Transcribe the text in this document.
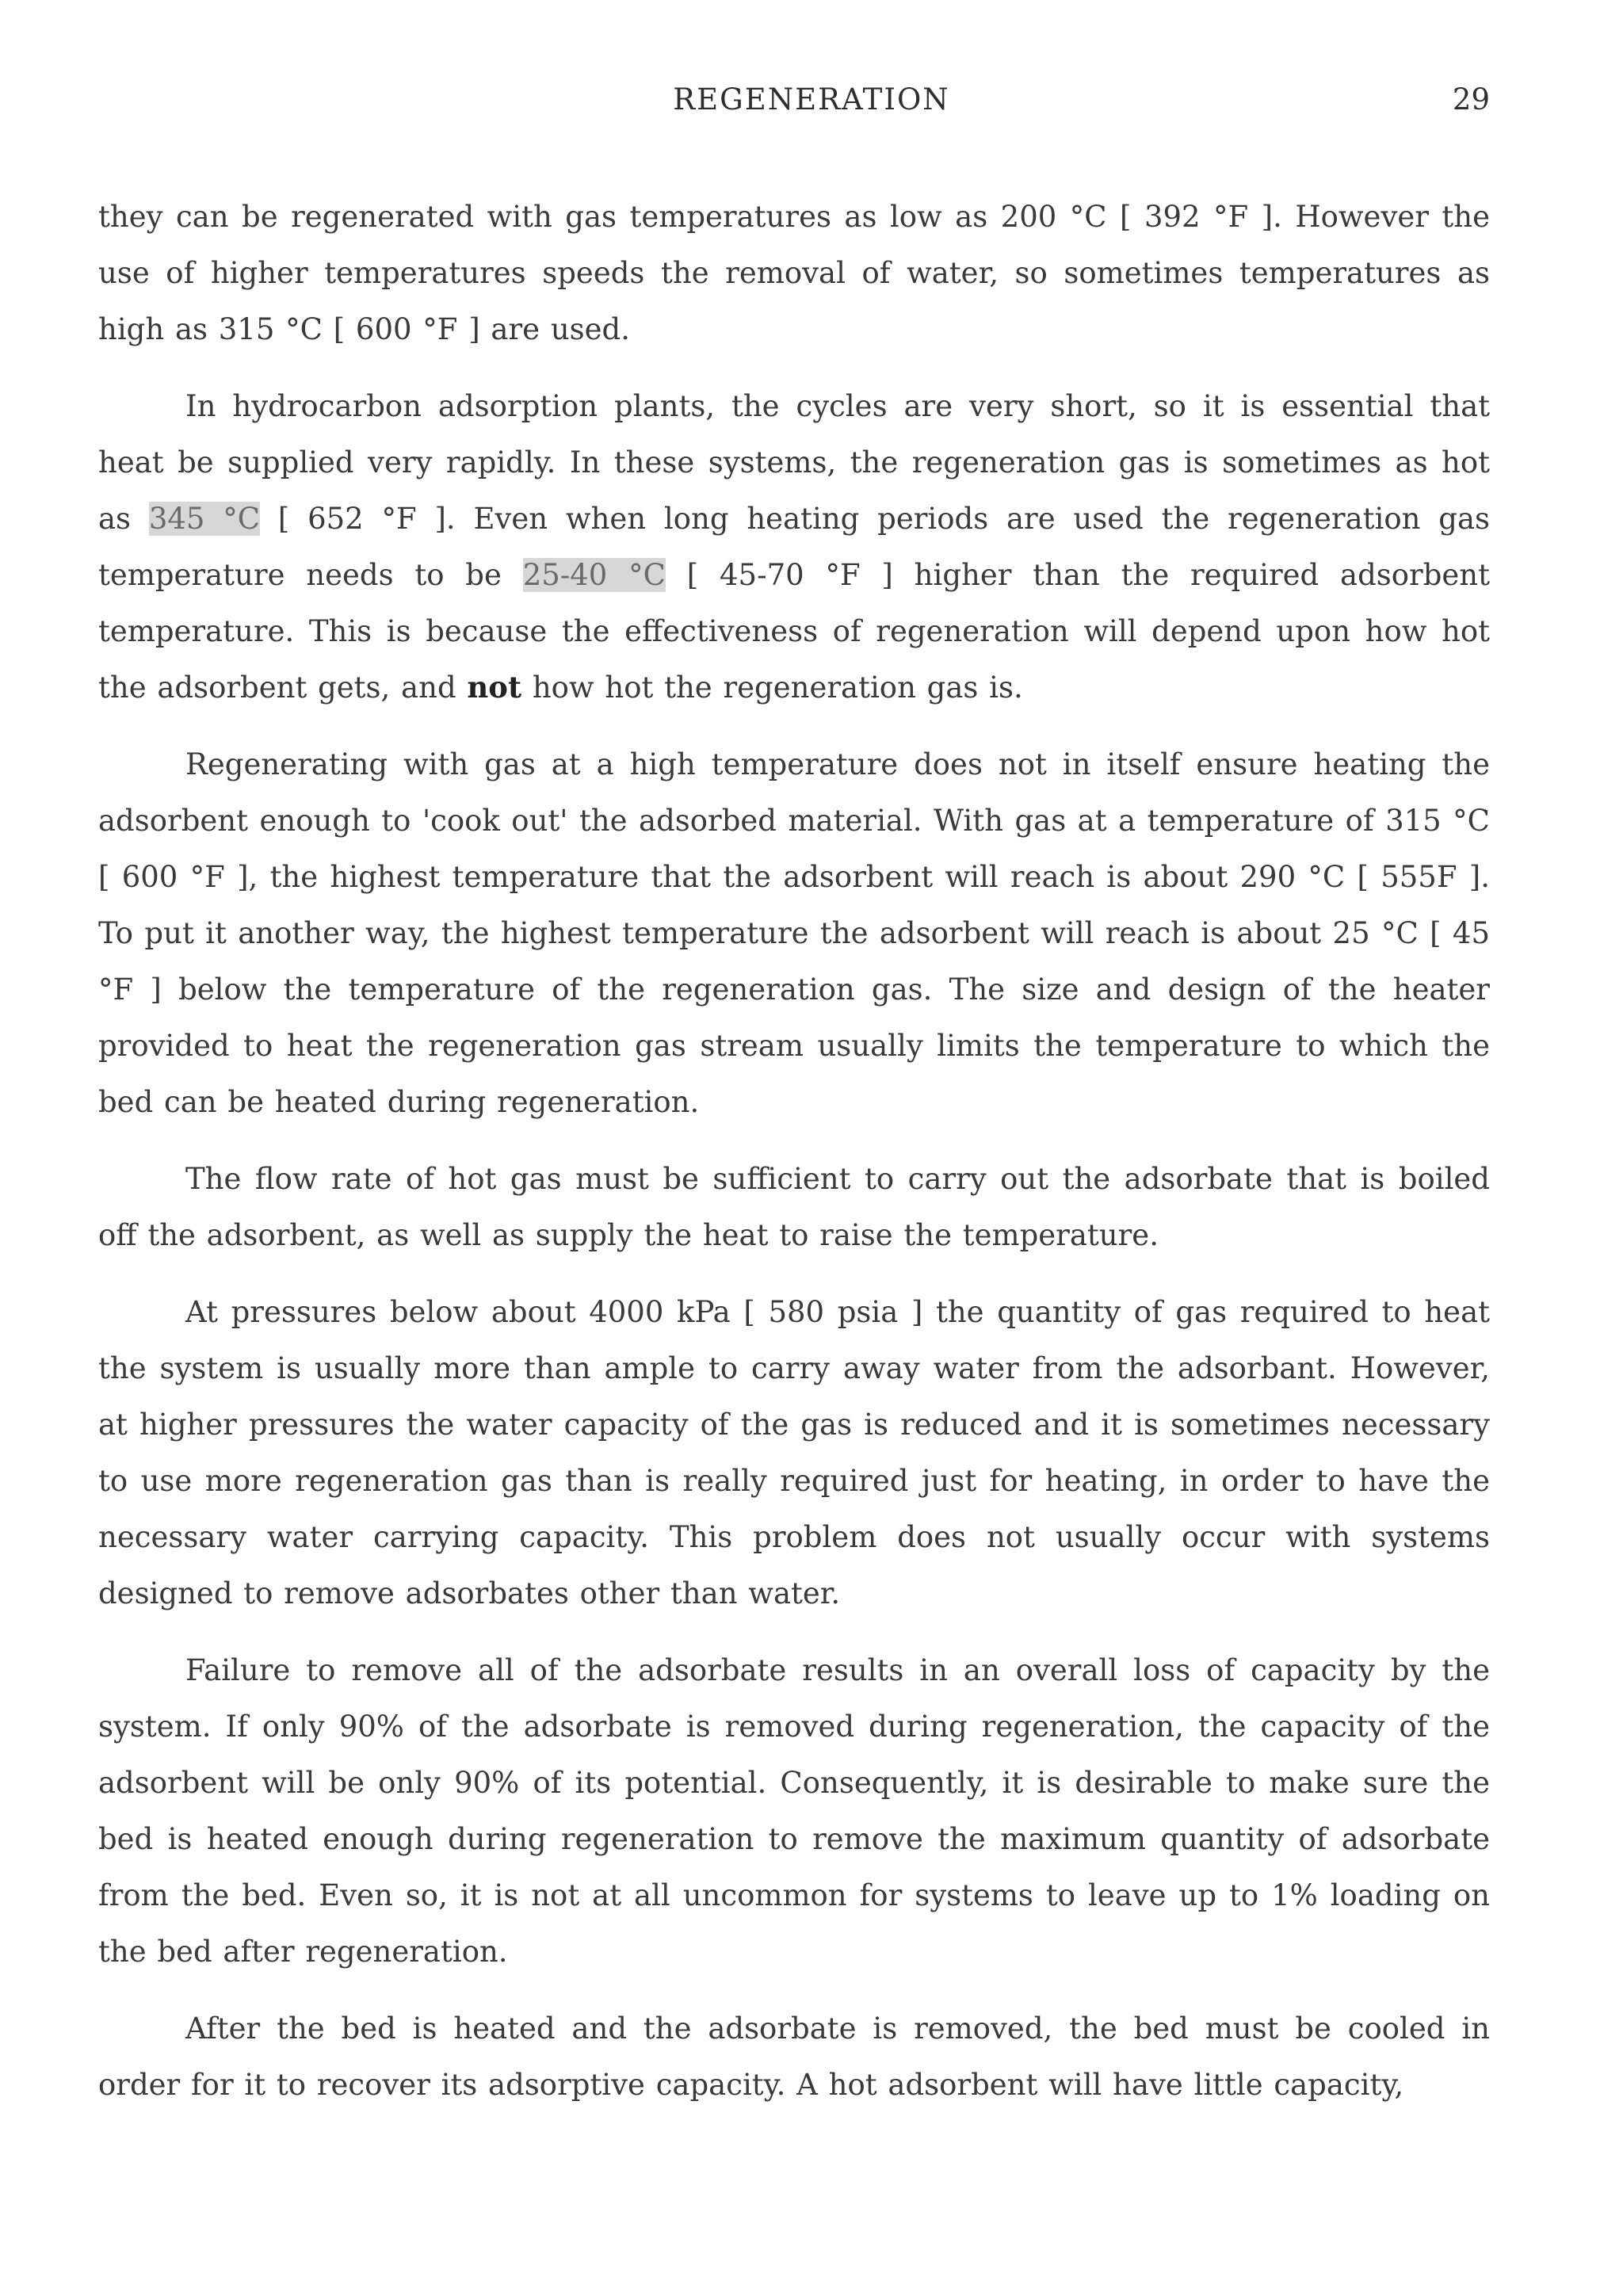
REGENERATION	29

they can be regenerated with gas temperatures as low as 200 °C [ 392 °F ]. However the use of higher temperatures speeds the removal of water, so sometimes temperatures as high as 315 °C [ 600 °F ] are used.

In hydrocarbon adsorption plants, the cycles are very short, so it is essential that heat be supplied very rapidly. In these systems, the regeneration gas is sometimes as hot as 345 °C [ 652 °F ]. Even when long heating periods are used the regeneration gas temperature needs to be 25-40 °C [ 45-70 °F ] higher than the required adsorbent temperature. This is because the effectiveness of regeneration will depend upon how hot the adsorbent gets, and not how hot the regeneration gas is.

Regenerating with gas at a high temperature does not in itself ensure heating the adsorbent enough to 'cook out' the adsorbed material. With gas at a temperature of 315 °C [ 600 °F ], the highest temperature that the adsorbent will reach is about 290 °C [ 555F ]. To put it another way, the highest temperature the adsorbent will reach is about 25 °C [ 45 °F ] below the temperature of the regeneration gas. The size and design of the heater provided to heat the regeneration gas stream usually limits the temperature to which the bed can be heated during regeneration.

The flow rate of hot gas must be sufficient to carry out the adsorbate that is boiled off the adsorbent, as well as supply the heat to raise the temperature.

At pressures below about 4000 kPa [ 580 psia ] the quantity of gas required to heat the system is usually more than ample to carry away water from the adsorbant. However, at higher pressures the water capacity of the gas is reduced and it is sometimes necessary to use more regeneration gas than is really required just for heating, in order to have the necessary water carrying capacity. This problem does not usually occur with systems designed to remove adsorbates other than water.

Failure to remove all of the adsorbate results in an overall loss of capacity by the system. If only 90% of the adsorbate is removed during regeneration, the capacity of the adsorbent will be only 90% of its potential. Consequently, it is desirable to make sure the bed is heated enough during regeneration to remove the maximum quantity of adsorbate from the bed. Even so, it is not at all uncommon for systems to leave up to 1% loading on the bed after regeneration.

After the bed is heated and the adsorbate is removed, the bed must be cooled in order for it to recover its adsorptive capacity. A hot adsorbent will have little capacity,
